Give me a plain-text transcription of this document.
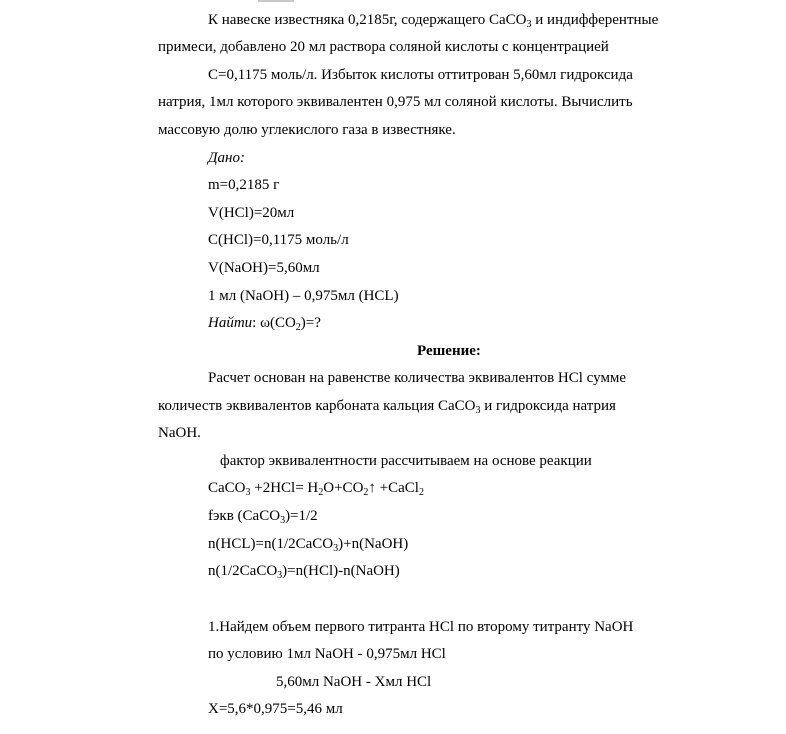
К навеске известняка 0,2185г, содержащего CaCO$_3$ и индифферентные
примеси, добавлено 20 мл раствора соляной кислоты с концентрацией
С=0,1175 моль/л. Избыток кислоты оттитрован 5,60мл гидроксида
натрия, 1мл которого эквивалентен 0,975 мл соляной кислоты. Вычислить
массовую долю углекислого газа в известняке.
Дано:
m=0,2185 г
V(HCl)=20мл
C(HCl)=0,1175 моль/л
V(NaOH)=5,60мл
1 мл (NaOH) – 0,975мл (HCL)
Найти: $\omega(CO_2)=$?
Решение:
Расчет основан на равенстве количества эквивалентов HCl сумме
количеств эквивалентов карбоната кальция CaCO$_3$ и гидроксида натрия
NaOH.
фактор эквивалентности рассчитываем на основе реакции
CaCO$_3$ $+2HCl= H_2O+CO_2↑$ +CaCl$_2$
fэкв (CaCO$_3$)=1/2
n(HCL)=n(1/2CaCO$_3$)+n(NaOH)
n(1/2CaCO$_3$)=n(HCl)-n(NaOH)
1.Найдем объем первого титранта HCl по второму титранту NaOH
по условию 1мл NaOH - 0,975мл HCl
5,60мл NaOH - Хмл HCl
Х=5,6*0,975=5,46 мл
